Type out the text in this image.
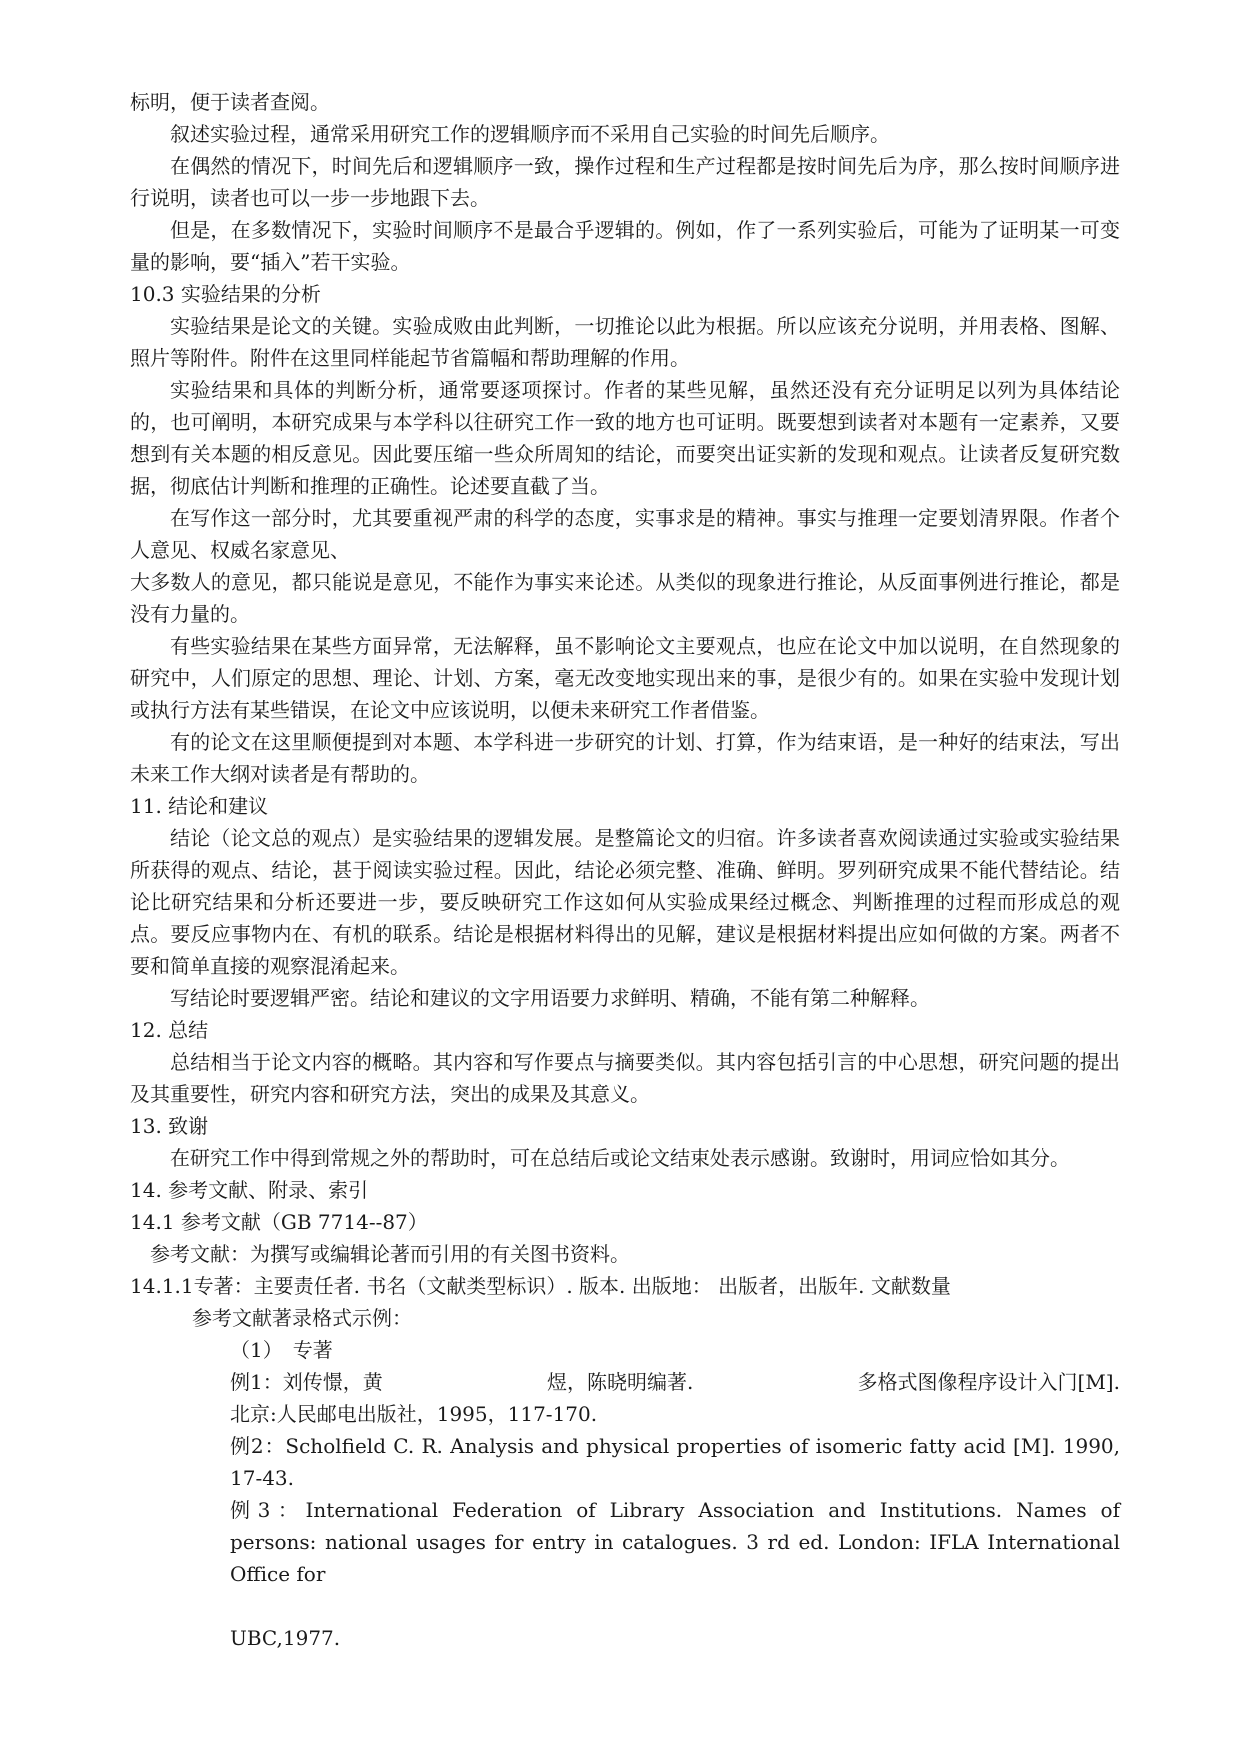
标明，便于读者查阅。

叙述实验过程，通常采用研究工作的逻辑顺序而不采用自己实验的时间先后顺序。

在偶然的情况下，时间先后和逻辑顺序一致，操作过程和生产过程都是按时间先后为序，那么按时间顺序进行说明，读者也可以一步一步地跟下去。

但是，在多数情况下，实验时间顺序不是最合乎逻辑的。例如，作了一系列实验后，可能为了证明某一可变量的影响，要“插入”若干实验。

10.3 实验结果的分析

实验结果是论文的关键。实验成败由此判断，一切推论以此为根据。所以应该充分说明，并用表格、图解、照片等附件。附件在这里同样能起节省篇幅和帮助理解的作用。

实验结果和具体的判断分析，通常要逐项探讨。作者的某些见解，虽然还没有充分证明足以列为具体结论的，也可阐明，本研究成果与本学科以往研究工作一致的地方也可证明。既要想到读者对本题有一定素养，又要想到有关本题的相反意见。因此要压缩一些众所周知的结论，而要突出证实新的发现和观点。让读者反复研究数据，彻底估计判断和推理的正确性。论述要直截了当。

在写作这一部分时，尤其要重视严肃的科学的态度，实事求是的精神。事实与推理一定要划清界限。作者个人意见、权威名家意见、

大多数人的意见，都只能说是意见，不能作为事实来论述。从类似的现象进行推论，从反面事例进行推论，都是没有力量的。

有些实验结果在某些方面异常，无法解释，虽不影响论文主要观点，也应在论文中加以说明，在自然现象的研究中，人们原定的思想、理论、计划、方案，毫无改变地实现出来的事，是很少有的。如果在实验中发现计划或执行方法有某些错误，在论文中应该说明，以便未来研究工作者借鉴。

有的论文在这里顺便提到对本题、本学科进一步研究的计划、打算，作为结束语，是一种好的结束法，写出未来工作大纲对读者是有帮助的。

11. 结论和建议

结论（论文总的观点）是实验结果的逻辑发展。是整篇论文的归宿。许多读者喜欢阅读通过实验或实验结果所获得的观点、结论，甚于阅读实验过程。因此，结论必须完整、准确、鲜明。罗列研究成果不能代替结论。结论比研究结果和分析还要进一步，要反映研究工作这如何从实验成果经过概念、判断推理的过程而形成总的观点。要反应事物内在、有机的联系。结论是根据材料得出的见解，建议是根据材料提出应如何做的方案。两者不要和简单直接的观察混淆起来。

写结论时要逻辑严密。结论和建议的文字用语要力求鲜明、精确，不能有第二种解释。

12. 总结

总结相当于论文内容的概略。其内容和写作要点与摘要类似。其内容包括引言的中心思想，研究问题的提出及其重要性，研究内容和研究方法，突出的成果及其意义。

13. 致谢

在研究工作中得到常规之外的帮助时，可在总结后或论文结束处表示感谢。致谢时，用词应恰如其分。

14. 参考文献、附录、索引

14.1 参考文献（GB 7714--87）

参考文献：为撰写或编辑论著而引用的有关图书资料。

14.1.1专著：主要责任者. 书名（文献类型标识）. 版本. 出版地： 出版者，出版年. 文献数量

参考文献著录格式示例：

（1）　专著

例1：刘传憬，黄	煜，陈晓明编著.	多格式图像程序设计入门[M].

北京:人民邮电出版社，1995，117-170.

例2：Scholfield C. R. Analysis and physical properties of isomeric fatty acid [M]. 1990, 17-43.

例3：International Federation of Library Association and Institutions. Names of persons: national usages for entry in catalogues. 3 rd ed. London: IFLA International Office for

UBC,1977.
